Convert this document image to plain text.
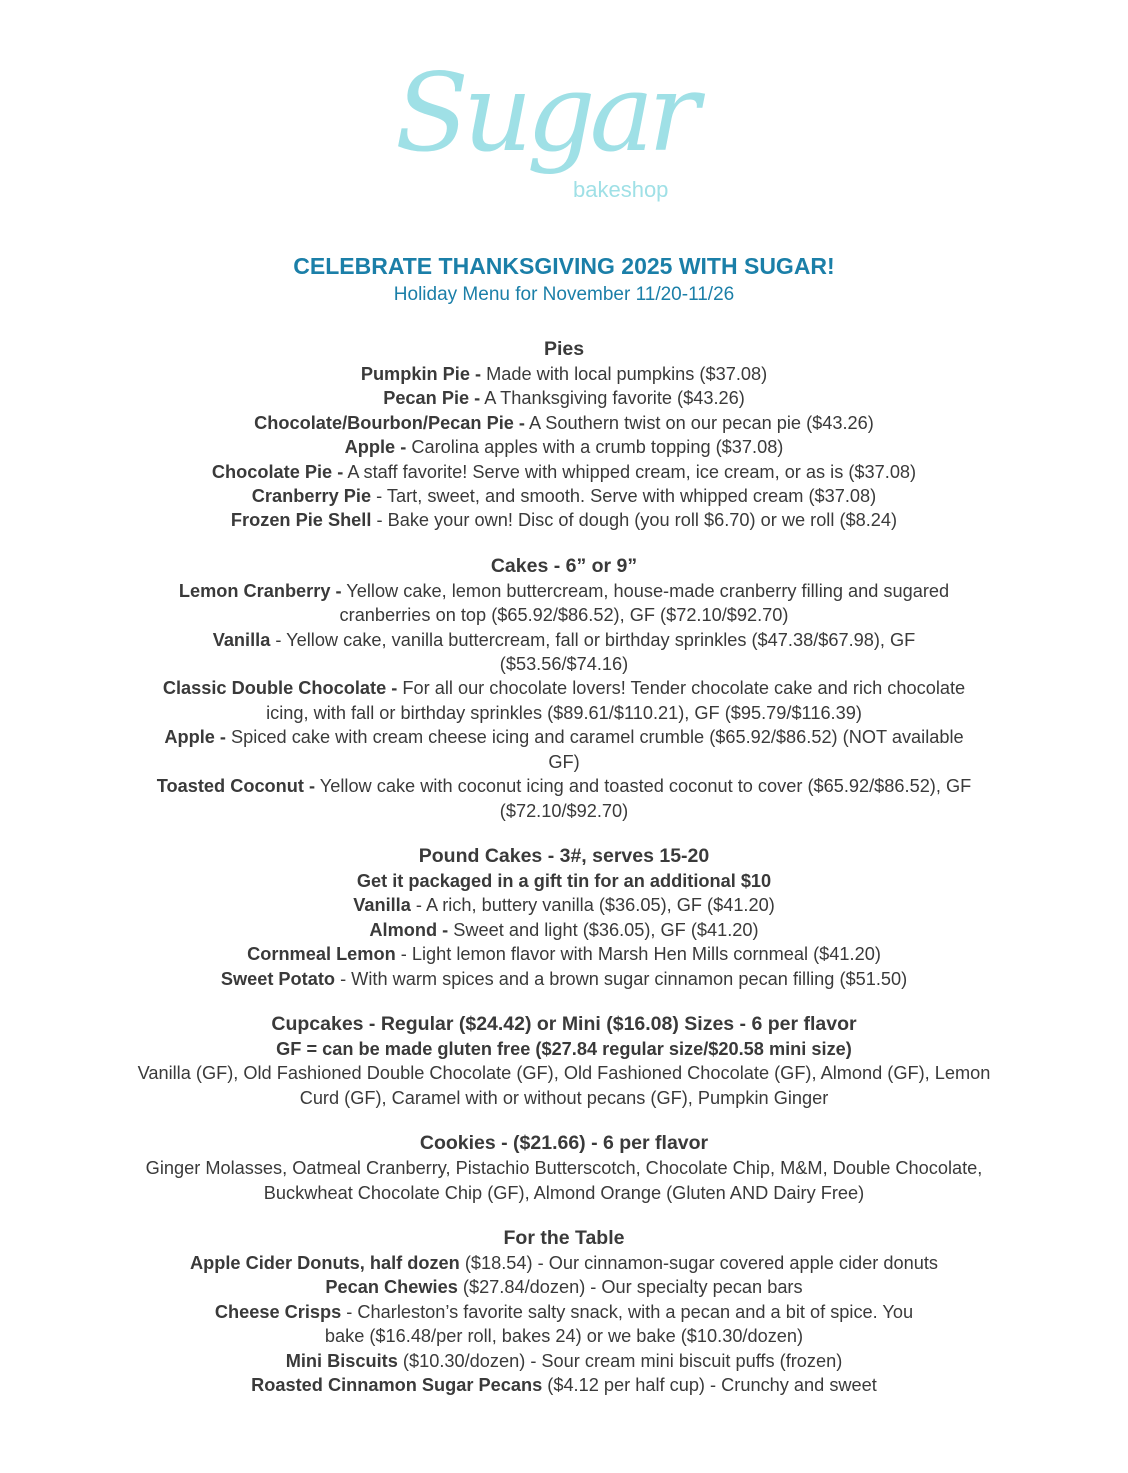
Sugar
bakeshop
CELEBRATE THANKSGIVING 2025 WITH SUGAR!
Holiday Menu for November 11/20-11/26
Pies
Pumpkin Pie - Made with local pumpkins ($37.08)
Pecan Pie - A Thanksgiving favorite ($43.26)
Chocolate/Bourbon/Pecan Pie - A Southern twist on our pecan pie ($43.26)
Apple - Carolina apples with a crumb topping ($37.08)
Chocolate Pie - A staff favorite! Serve with whipped cream, ice cream, or as is ($37.08)
Cranberry Pie - Tart, sweet, and smooth. Serve with whipped cream ($37.08)
Frozen Pie Shell - Bake your own! Disc of dough (you roll $6.70) or we roll ($8.24)
Cakes - 6” or 9”
Lemon Cranberry - Yellow cake, lemon buttercream, house-made cranberry filling and sugared cranberries on top ($65.92/$86.52), GF ($72.10/$92.70)
Vanilla - Yellow cake, vanilla buttercream, fall or birthday sprinkles ($47.38/$67.98), GF ($53.56/$74.16)
Classic Double Chocolate - For all our chocolate lovers! Tender chocolate cake and rich chocolate icing, with fall or birthday sprinkles ($89.61/$110.21), GF ($95.79/$116.39)
Apple - Spiced cake with cream cheese icing and caramel crumble ($65.92/$86.52) (NOT available GF)
Toasted Coconut - Yellow cake with coconut icing and toasted coconut to cover ($65.92/$86.52), GF ($72.10/$92.70)
Pound Cakes - 3#, serves 15-20
Get it packaged in a gift tin for an additional $10
Vanilla - A rich, buttery vanilla ($36.05), GF ($41.20)
Almond - Sweet and light ($36.05), GF ($41.20)
Cornmeal Lemon - Light lemon flavor with Marsh Hen Mills cornmeal ($41.20)
Sweet Potato - With warm spices and a brown sugar cinnamon pecan filling ($51.50)
Cupcakes - Regular ($24.42) or Mini ($16.08) Sizes - 6 per flavor
GF = can be made gluten free ($27.84 regular size/$20.58 mini size)
Vanilla (GF), Old Fashioned Double Chocolate (GF), Old Fashioned Chocolate (GF), Almond (GF), Lemon Curd (GF), Caramel with or without pecans (GF), Pumpkin Ginger
Cookies - ($21.66) - 6 per flavor
Ginger Molasses, Oatmeal Cranberry, Pistachio Butterscotch, Chocolate Chip, M&M, Double Chocolate, Buckwheat Chocolate Chip (GF), Almond Orange (Gluten AND Dairy Free)
For the Table
Apple Cider Donuts, half dozen ($18.54) - Our cinnamon-sugar covered apple cider donuts
Pecan Chewies ($27.84/dozen) - Our specialty pecan bars
Cheese Crisps - Charleston’s favorite salty snack, with a pecan and a bit of spice. You bake ($16.48/per roll, bakes 24) or we bake ($10.30/dozen)
Mini Biscuits ($10.30/dozen) - Sour cream mini biscuit puffs (frozen)
Roasted Cinnamon Sugar Pecans ($4.12 per half cup) - Crunchy and sweet
